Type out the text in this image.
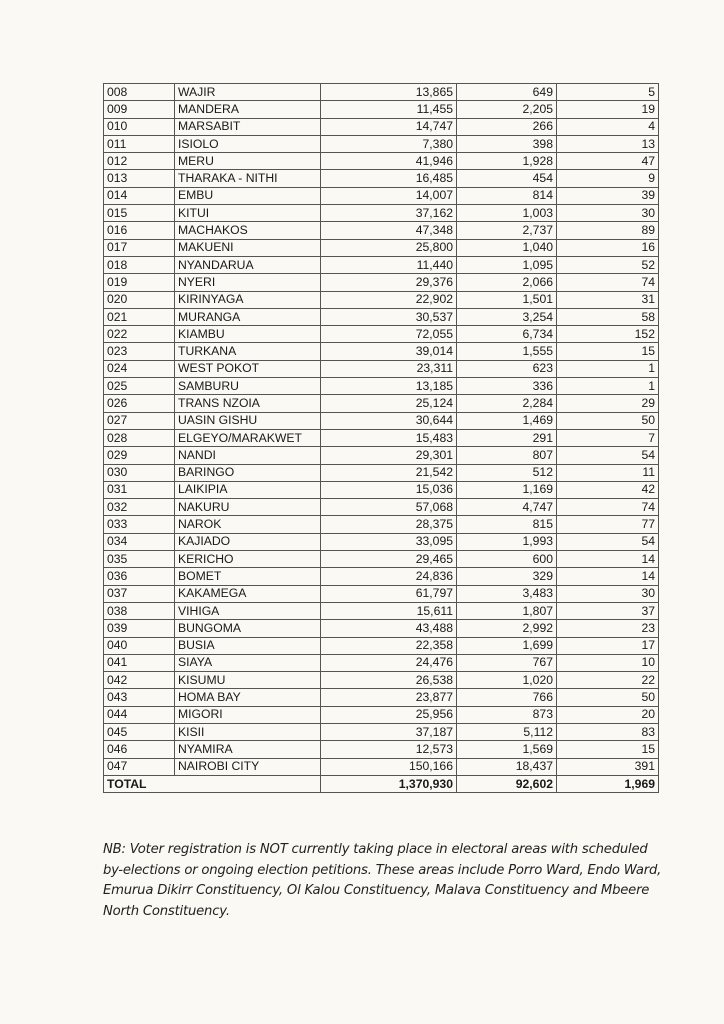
008	WAJIR	13,865	649	5
009	MANDERA	11,455	2,205	19
010	MARSABIT	14,747	266	4
011	ISIOLO	7,380	398	13
012	MERU	41,946	1,928	47
013	THARAKA - NITHI	16,485	454	9
014	EMBU	14,007	814	39
015	KITUI	37,162	1,003	30
016	MACHAKOS	47,348	2,737	89
017	MAKUENI	25,800	1,040	16
018	NYANDARUA	11,440	1,095	52
019	NYERI	29,376	2,066	74
020	KIRINYAGA	22,902	1,501	31
021	MURANGA	30,537	3,254	58
022	KIAMBU	72,055	6,734	152
023	TURKANA	39,014	1,555	15
024	WEST POKOT	23,311	623	1
025	SAMBURU	13,185	336	1
026	TRANS NZOIA	25,124	2,284	29
027	UASIN GISHU	30,644	1,469	50
028	ELGEYO/MARAKWET	15,483	291	7
029	NANDI	29,301	807	54
030	BARINGO	21,542	512	11
031	LAIKIPIA	15,036	1,169	42
032	NAKURU	57,068	4,747	74
033	NAROK	28,375	815	77
034	KAJIADO	33,095	1,993	54
035	KERICHO	29,465	600	14
036	BOMET	24,836	329	14
037	KAKAMEGA	61,797	3,483	30
038	VIHIGA	15,611	1,807	37
039	BUNGOMA	43,488	2,992	23
040	BUSIA	22,358	1,699	17
041	SIAYA	24,476	767	10
042	KISUMU	26,538	1,020	22
043	HOMA BAY	23,877	766	50
044	MIGORI	25,956	873	20
045	KISII	37,187	5,112	83
046	NYAMIRA	12,573	1,569	15
047	NAIROBI CITY	150,166	18,437	391
TOTAL		1,370,930	92,602	1,969
NB: Voter registration is NOT currently taking place in electoral areas with scheduled by-elections or ongoing election petitions. These areas include Porro Ward, Endo Ward, Emurua Dikirr Constituency, Ol Kalou Constituency, Malava Constituency and Mbeere North Constituency.
